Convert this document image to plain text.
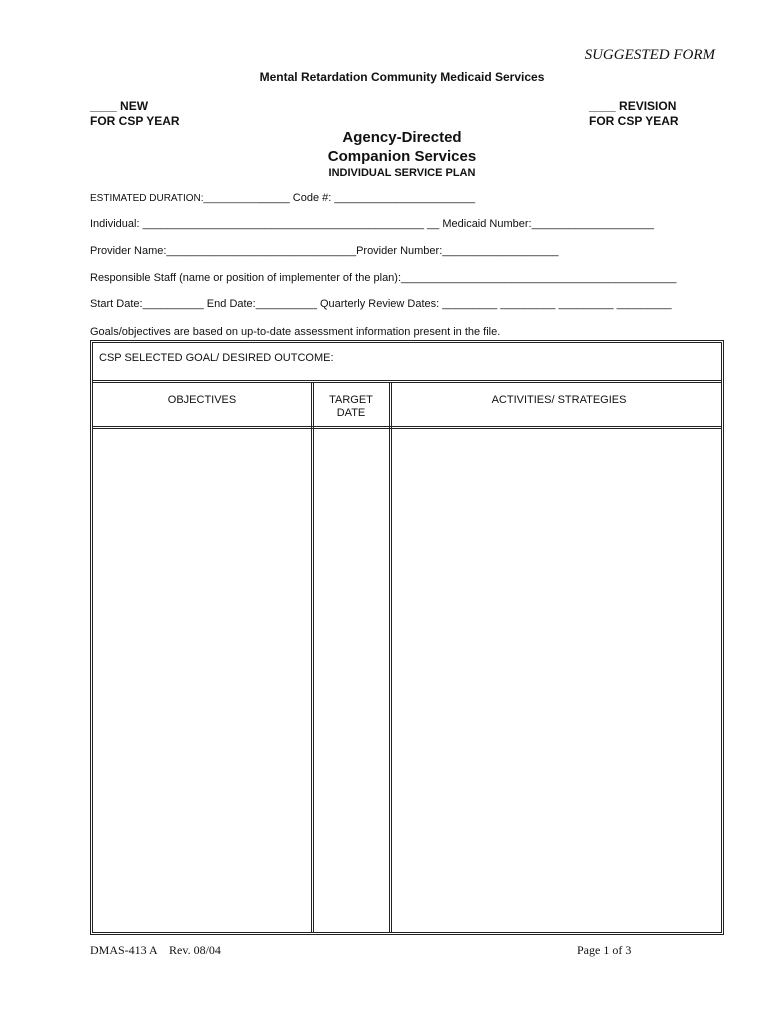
SUGGESTED FORM
Mental Retardation Community Medicaid Services
____ NEW
FOR CSP YEAR
____ REVISION
FOR CSP YEAR
Agency-Directed
Companion Services
INDIVIDUAL SERVICE PLAN
ESTIMATED DURATION:_______________ Code #: _______________________
Individual: ______________________________________________ __ Medicaid Number:____________________
Provider Name:_______________________________Provider Number:___________________
Responsible Staff (name or position of implementer of the plan):_____________________________________________
Start Date:__________ End Date:__________ Quarterly Review Dates: _________ _________ _________ _________
Goals/objectives are based on up-to-date assessment information present in the file.
CSP SELECTED GOAL/ DESIRED OUTCOME:
OBJECTIVES	TARGET
DATE
ACTIVITIES/ STRATEGIES
DMAS-413 A    Rev. 08/04	Page 1 of 3
